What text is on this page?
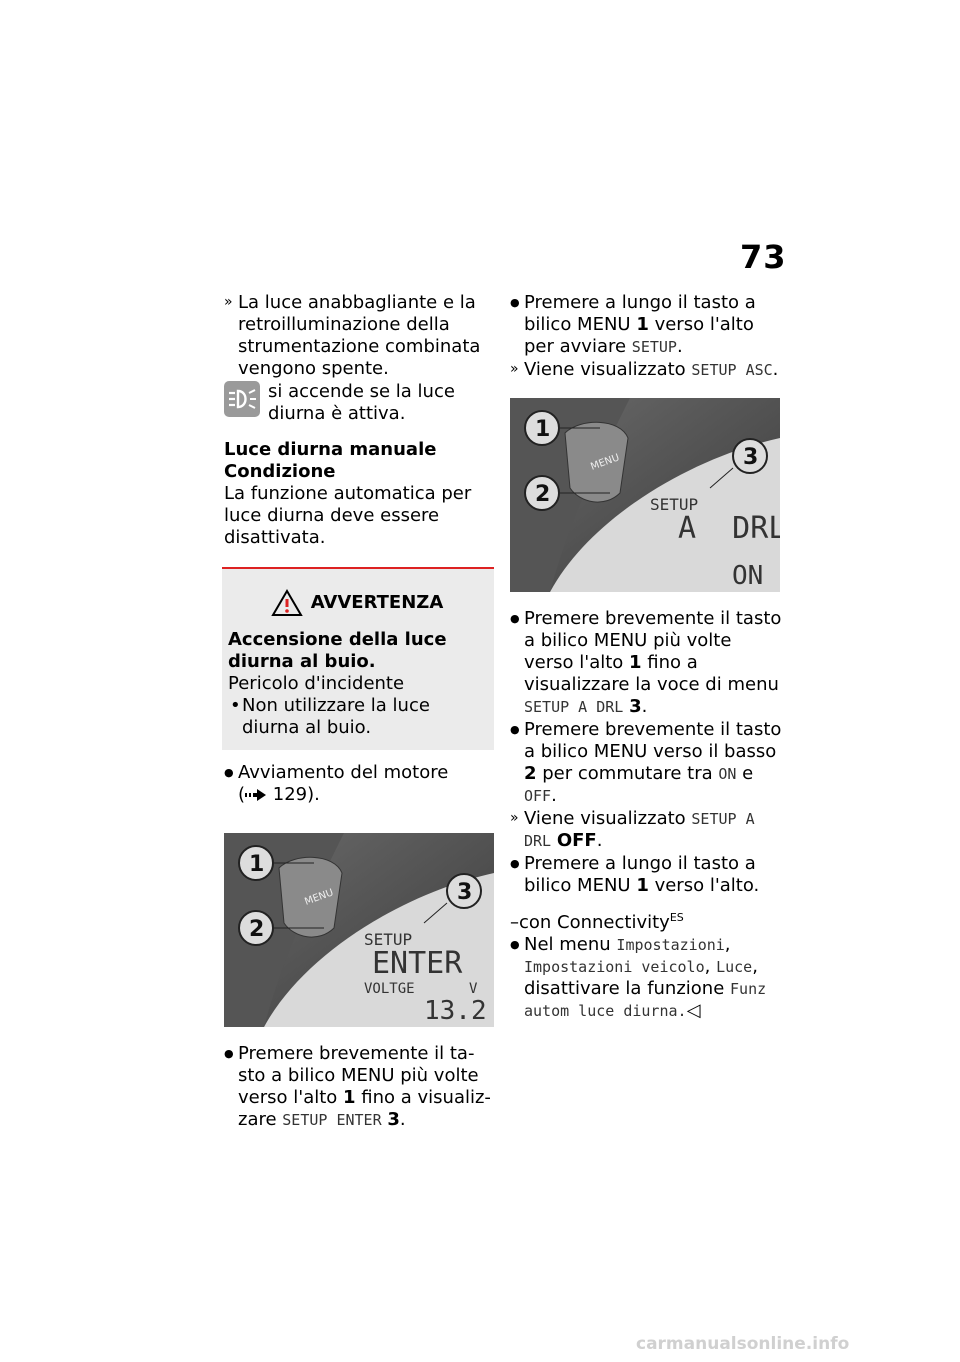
73

» La luce anabbagliante e la retroilluminazione della strumentazione combinata vengono spente.

si accende se la luce diurna è attiva.

Luce diurna manuale

Condizione

La funzione automatica per luce diurna deve essere disattivata.

AVVERTENZA

Accensione della luce diurna al buio.

Pericolo d'incidente

• Non utilizzare la luce diurna al buio.

● Avviamento del motore
( 129).

MENU
1
2
3
SETUP
ENTER
VOLTGE	V
13.2

● Premere brevemente il tasto a bilico MENU più volte verso l'alto 1 fino a visualizzare SETUP ENTER 3.

● Premere a lungo il tasto a bilico MENU 1 verso l'alto per avviare SETUP.

» Viene visualizzato SETUP ASC.

MENU
1
2
3
SETUP
A  DRL
ON

● Premere brevemente il tasto a bilico MENU più volte verso l'alto 1 fino a visualizzare la voce di menu SETUP A DRL 3.

● Premere brevemente il tasto a bilico MENU verso il basso 2 per commutare tra ON e OFF.

» Viene visualizzato SETUP A DRL OFF.

● Premere a lungo il tasto a bilico MENU 1 verso l'alto.

–con Connectivity$^{ES}$

● Nel menu Impostazioni, Impostazioni veicolo, Luce, disattivare la funzione Funz autom luce diurna.◁

carmanualsonline.info
